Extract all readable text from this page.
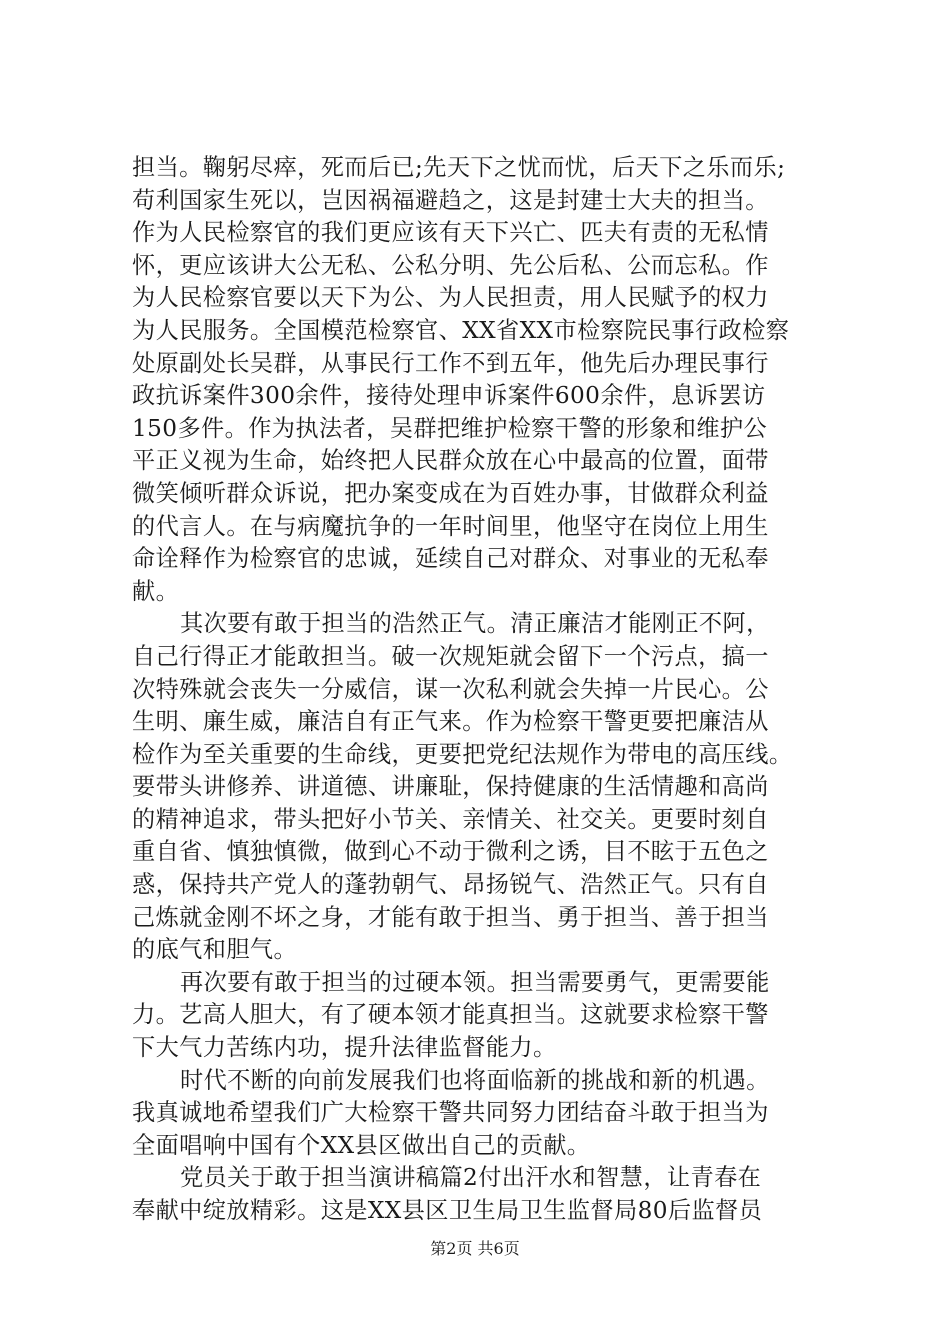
担当。鞠躬尽瘁，死而后已;先天下之忧而忧，后天下之乐而乐;
苟利国家生死以，岂因祸福避趋之，这是封建士大夫的担当。
作为人民检察官的我们更应该有天下兴亡、匹夫有责的无私情
怀，更应该讲大公无私、公私分明、先公后私、公而忘私。作
为人民检察官要以天下为公、为人民担责，用人民赋予的权力
为人民服务。全国模范检察官、XX省XX市检察院民事行政检察
处原副处长吴群，从事民行工作不到五年，他先后办理民事行
政抗诉案件300余件，接待处理申诉案件600余件，息诉罢访
150多件。作为执法者，吴群把维护检察干警的形象和维护公
平正义视为生命，始终把人民群众放在心中最高的位置，面带
微笑倾听群众诉说，把办案变成在为百姓办事，甘做群众利益
的代言人。在与病魔抗争的一年时间里，他坚守在岗位上用生
命诠释作为检察官的忠诚，延续自己对群众、对事业的无私奉
献。
其次要有敢于担当的浩然正气。清正廉洁才能刚正不阿，
自己行得正才能敢担当。破一次规矩就会留下一个污点，搞一
次特殊就会丧失一分威信，谋一次私利就会失掉一片民心。公
生明、廉生威，廉洁自有正气来。作为检察干警更要把廉洁从
检作为至关重要的生命线，更要把党纪法规作为带电的高压线。
要带头讲修养、讲道德、讲廉耻，保持健康的生活情趣和高尚
的精神追求，带头把好小节关、亲情关、社交关。更要时刻自
重自省、慎独慎微，做到心不动于微利之诱，目不眩于五色之
惑，保持共产党人的蓬勃朝气、昂扬锐气、浩然正气。只有自
己炼就金刚不坏之身，才能有敢于担当、勇于担当、善于担当
的底气和胆气。
再次要有敢于担当的过硬本领。担当需要勇气，更需要能
力。艺高人胆大，有了硬本领才能真担当。这就要求检察干警
下大气力苦练内功，提升法律监督能力。
时代不断的向前发展我们也将面临新的挑战和新的机遇。
我真诚地希望我们广大检察干警共同努力团结奋斗敢于担当为
全面唱响中国有个XX县区做出自己的贡献。
党员关于敢于担当演讲稿篇2付出汗水和智慧，让青春在
奉献中绽放精彩。这是XX县区卫生局卫生监督局80后监督员
第2页 共6页
